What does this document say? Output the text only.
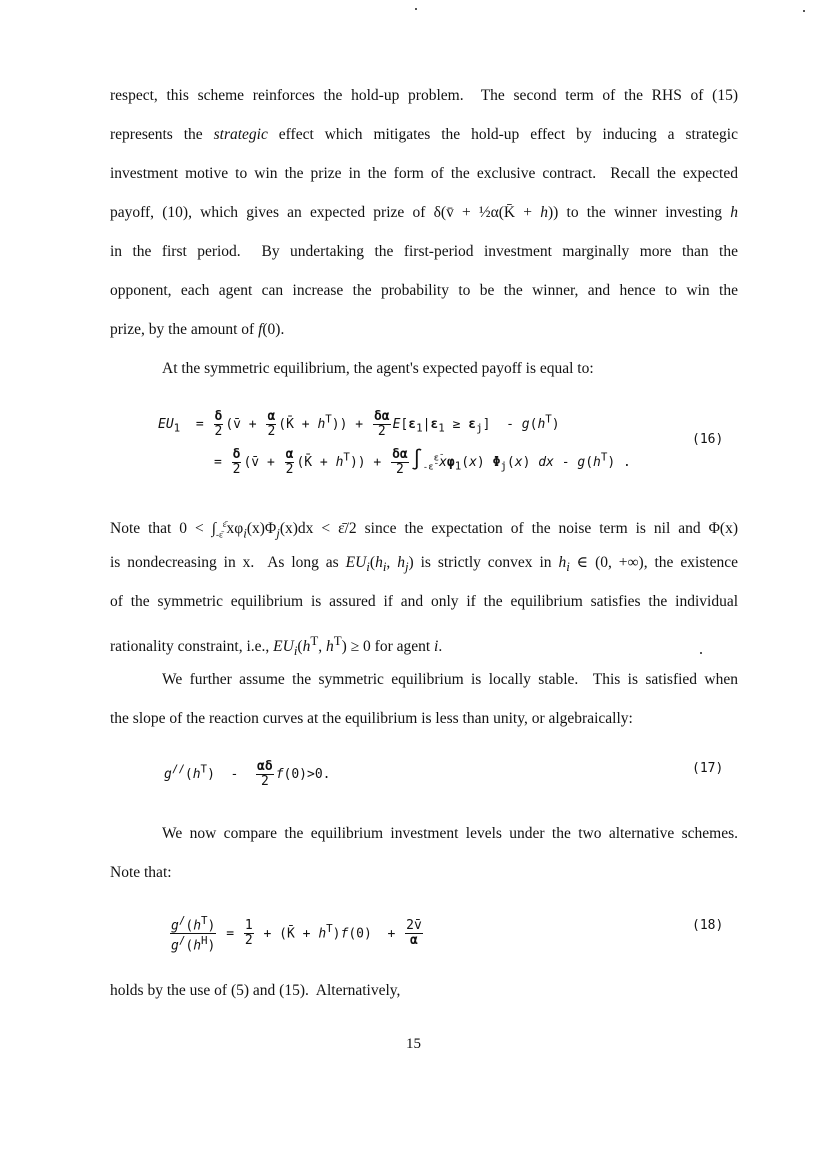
respect, this scheme reinforces the hold-up problem.  The second term of the RHS of (15)
represents the strategic effect which mitigates the hold-up effect by inducing a strategic
investment motive to win the prize in the form of the exclusive contract.  Recall the expected
payoff, (10), which gives an expected prize of δ(v̄ + ½α(K̄ + h)) to the winner investing h
in the first period.  By undertaking the first-period investment marginally more than the
opponent, each agent can increase the probability to be the winner, and hence to win the
prize, by the amount of f(0).
At the symmetric equilibrium, the agent's expected payoff is equal to:
$EU_1 = \frac{\delta}{2}$ (v̄ + $\frac{\alpha}{2}$ (K̄ + $h^T)) + \frac{\delta\alpha}{2} E[\varepsilon_1|\varepsilon_1 \ge \varepsilon_j] - g(h^T)$
= $\frac{\delta}{2}$ (v̄ + $\frac{\alpha}{2}$ (K̄ + $h^T)) + \frac{\delta\alpha}{2} \int_{-\varepsilon̄}^{\varepsilon̄}x\varphi_1(x)$ $\Phi_j(x)$ dx - $g(h^T)$ .
(16)
Note that $0 < \int_{-\varepsilon̄}^{\varepsilon̄}x\varphi_i(x)\Phi_j(x)dx$ < ε̄/2 since the expectation of the noise term is nil and Φ(x)
is nondecreasing in x.  As long as $EU_i(h_i$, $h_j$) is strictly convex in $h_i$ ∈ (0, +∞), the existence
of the symmetric equilibrium is assured if and only if the equilibrium satisfies the individual
rationality constraint, i.e., $EU_i(h^T$, $h^T) \ge 0$ for agent i.
We further assume the symmetric equilibrium is locally stable.  This is satisfied when
the slope of the reaction curves at the equilibrium is less than unity, or algebraically:
$g^{//}(h^T) - \frac{\alpha\delta}{2} f(0)>0$.	(17)
We now compare the equilibrium investment levels under the two alternative schemes.
Note that:
$\frac{g^/(h^T)}{g^/(h^H)} = \frac{1}{2}$ + (K̄ + $h^T)f(0) + \frac{2v̄}{\alpha}$	(18)
holds by the use of (5) and (15).  Alternatively,
15
